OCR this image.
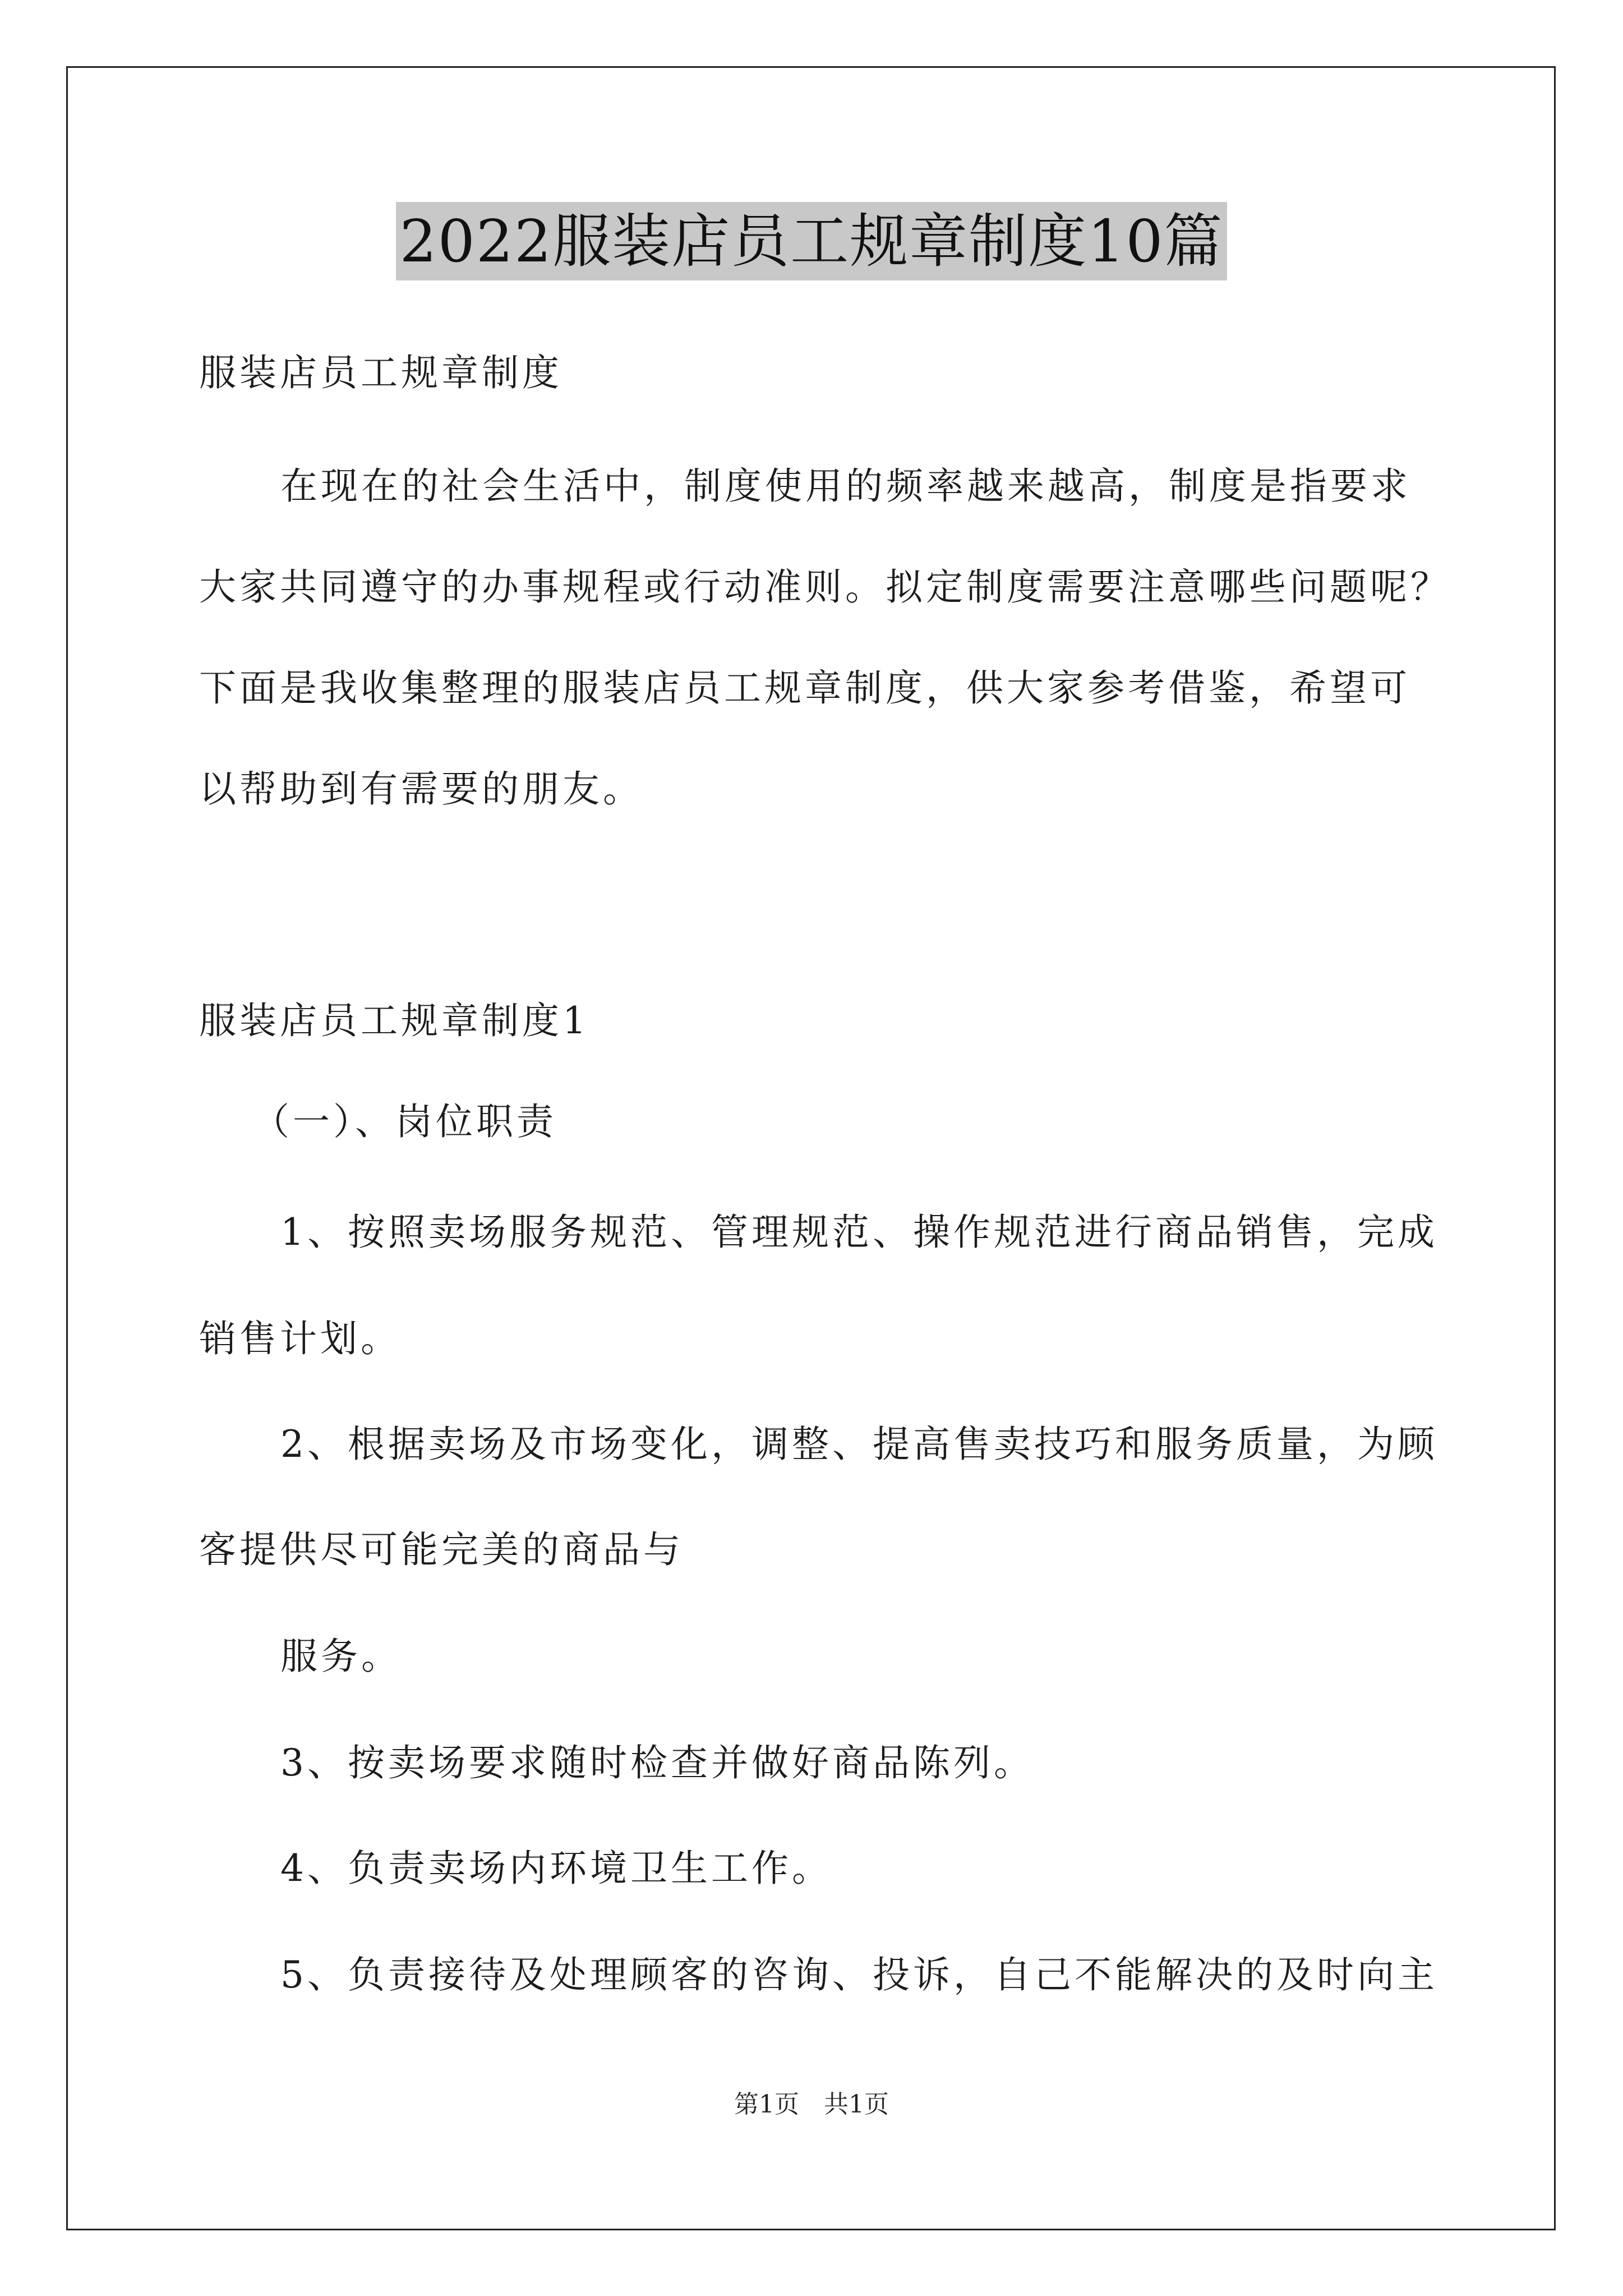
2022服装店员工规章制度10篇
服装店员工规章制度
在现在的社会生活中，制度使用的频率越来越高，制度是指要求
大家共同遵守的办事规程或行动准则。拟定制度需要注意哪些问题呢？
下面是我收集整理的服装店员工规章制度，供大家参考借鉴，希望可
以帮助到有需要的朋友。
服装店员工规章制度1
（一）、岗位职责
1、按照卖场服务规范、管理规范、操作规范进行商品销售，完成
销售计划。
2、根据卖场及市场变化，调整、提高售卖技巧和服务质量，为顾
客提供尽可能完美的商品与
服务。
3、按卖场要求随时检查并做好商品陈列。
4、负责卖场内环境卫生工作。
5、负责接待及处理顾客的咨询、投诉，自己不能解决的及时向主
第1页　共1页
